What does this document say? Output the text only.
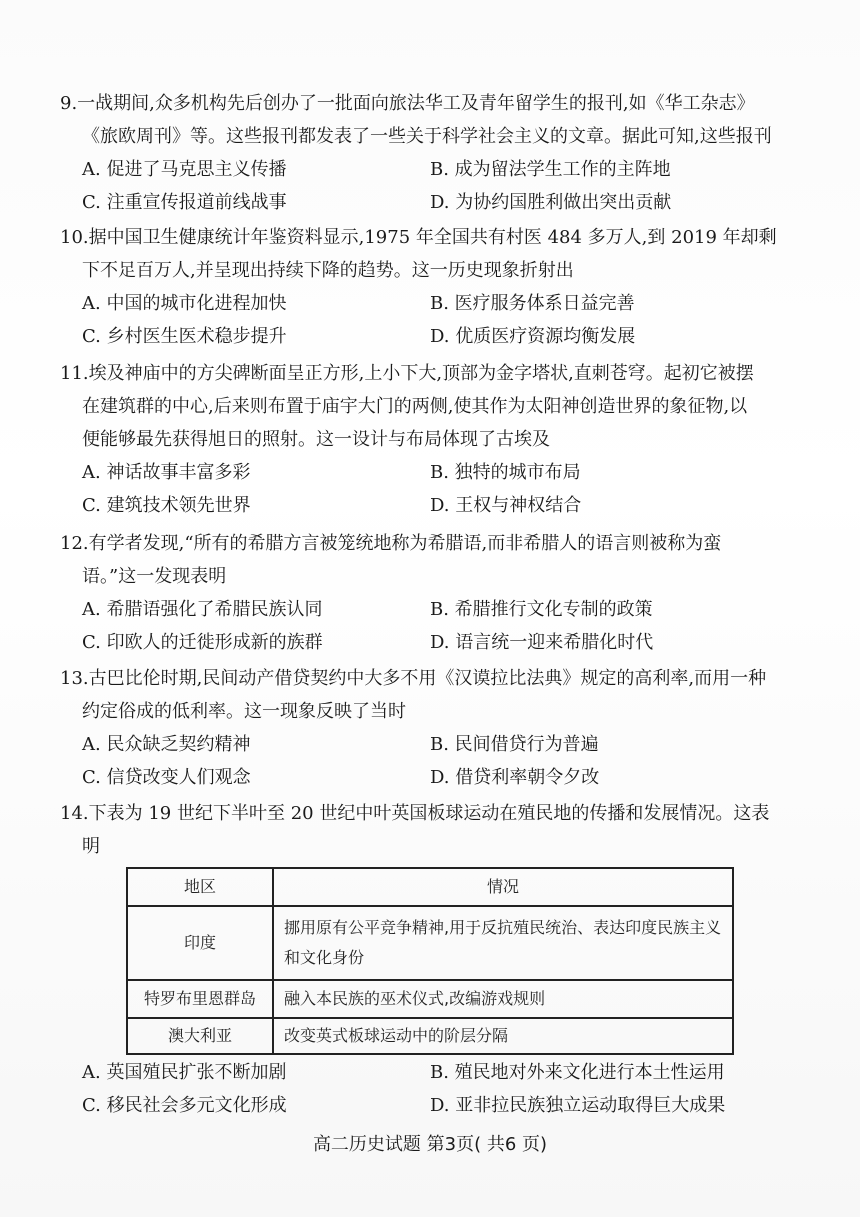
9.一战期间,众多机构先后创办了一批面向旅法华工及青年留学生的报刊,如《华工杂志》
《旅欧周刊》等。这些报刊都发表了一些关于科学社会主义的文章。据此可知,这些报刊
A. 促进了马克思主义传播	B. 成为留法学生工作的主阵地
C. 注重宣传报道前线战事	D. 为协约国胜利做出突出贡献
10.据中国卫生健康统计年鉴资料显示,1975 年全国共有村医 484 多万人,到 2019 年却剩
下不足百万人,并呈现出持续下降的趋势。这一历史现象折射出
A. 中国的城市化进程加快	B. 医疗服务体系日益完善
C. 乡村医生医术稳步提升	D. 优质医疗资源均衡发展
11.埃及神庙中的方尖碑断面呈正方形,上小下大,顶部为金字塔状,直刺苍穹。起初它被摆
在建筑群的中心,后来则布置于庙宇大门的两侧,使其作为太阳神创造世界的象征物,以
便能够最先获得旭日的照射。这一设计与布局体现了古埃及
A. 神话故事丰富多彩	B. 独特的城市布局
C. 建筑技术领先世界	D. 王权与神权结合
12.有学者发现,“所有的希腊方言被笼统地称为希腊语,而非希腊人的语言则被称为蛮
语。”这一发现表明
A. 希腊语强化了希腊民族认同	B. 希腊推行文化专制的政策
C. 印欧人的迁徙形成新的族群	D. 语言统一迎来希腊化时代
13.古巴比伦时期,民间动产借贷契约中大多不用《汉谟拉比法典》规定的高利率,而用一种
约定俗成的低利率。这一现象反映了当时
A. 民众缺乏契约精神	B. 民间借贷行为普遍
C. 信贷改变人们观念	D. 借贷利率朝令夕改
14.下表为 19 世纪下半叶至 20 世纪中叶英国板球运动在殖民地的传播和发展情况。这表
明
地区	情况
印度	挪用原有公平竞争精神,用于反抗殖民统治、表达印度民族主义和文化身份
特罗布里恩群岛	融入本民族的巫术仪式,改编游戏规则
澳大利亚	改变英式板球运动中的阶层分隔
A. 英国殖民扩张不断加剧	B. 殖民地对外来文化进行本土性运用
C. 移民社会多元文化形成	D. 亚非拉民族独立运动取得巨大成果
高二历史试题 第3页( 共6 页)
